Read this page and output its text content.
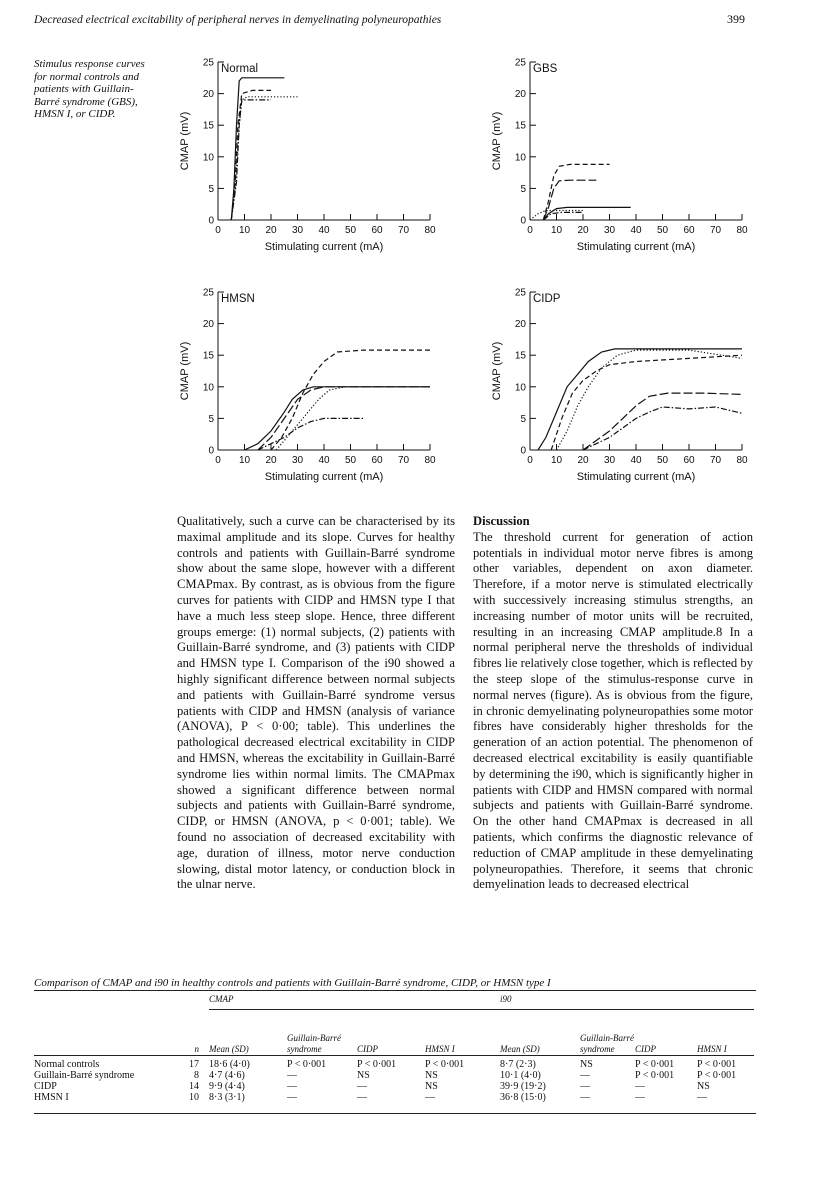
Decreased electrical excitability of peripheral nerves in demyelinating polyneuropathies	399
Stimulus response curves for normal controls and patients with Guillain-Barré syndrome (GBS), HMSN I, or CIDP.
0
5
10
15
20
25
0 10 20 30 40 50 60 70 80
Normal
Stimulating current (mA)
CMAP (mV)
0
5
10
15
20
25
0 10 20 30 40 50 60 70 80
GBS
Stimulating current (mA)
CMAP (mV)
0
5
10
15
20
25
0 10 20 30 40 50 60 70 80
HMSN
Stimulating current (mA)
CMAP (mV)
0
5
10
15
20
25
0 10 20 30 40 50 60 70 80
CIDP
Stimulating current (mA)
CMAP (mV)

Qualitatively, such a curve can be characterised by its maximal amplitude and its slope. Curves for healthy controls and patients with Guillain-Barré syndrome show about the same slope, however with a different CMAPmax. By contrast, as is obvious from the figure curves for patients with CIDP and HMSN type I that have a much less steep slope. Hence, three different groups emerge: (1) normal subjects, (2) patients with Guillain-Barré syndrome, and (3) patients with CIDP and HMSN type I. Comparison of the i90 showed a highly significant difference between normal subjects and patients with Guillain-Barré syndrome versus patients with CIDP and HMSN (analysis of variance (ANOVA), P < 0·00; table). This underlines the pathological decreased electrical excitability in CIDP and HMSN, whereas the excitability in Guillain-Barré syndrome lies within normal limits. The CMAPmax showed a significant difference between normal subjects and patients with Guillain-Barré syndrome, CIDP, or HMSN (ANOVA, p < 0·001; table). We found no association of decreased excitability with age, duration of illness, motor nerve conduction slowing, distal motor latency, or conduction block in the ulnar nerve.

Discussion

The threshold current for generation of action potentials in individual motor nerve fibres is among other variables, dependent on axon diameter. Therefore, if a motor nerve is stimulated electrically with successively increasing stimulus strengths, an increasing number of motor units will be recruited, resulting in an increasing CMAP amplitude.8 In a normal peripheral nerve the thresholds of individual fibres lie relatively close together, which is reflected by the steep slope of the stimulus-response curve in normal nerves (figure). As is obvious from the figure, in chronic demyelinating polyneuropathies some motor fibres have considerably higher thresholds for the generation of an action potential. The phenomenon of decreased electrical excitability is easily quantifiable by determining the i90, which is significantly higher in patients with CIDP and HMSN compared with normal subjects and patients with Guillain-Barré syndrome. On the other hand CMAPmax is decreased in all patients, which confirms the diagnostic relevance of reduction of CMAP amplitude in these demyelinating polyneuropathies. Therefore, it seems that chronic demyelination leads to decreased electrical

Comparison of CMAP and i90 in healthy controls and patients with Guillain-Barré syndrome, CIDP, or HMSN type I
		CMAP				i90			
	n	Mean (SD)	Guillain-Barré syndrome	CIDP	HMSN I	Mean (SD)	Guillain-Barré syndrome	CIDP	HMSN I
Normal controls	17	18·6 (4·0)	P < 0·001	P < 0·001	P < 0·001	8·7 (2·3)	NS	P < 0·001	P < 0·001
Guillain-Barré syndrome	8	4·7 (4·6)	—	NS	NS	10·1 (4·0)	—	P < 0·001	P < 0·001
CIDP	14	9·9 (4·4)	—	—	NS	39·9 (19·2)	—	—	NS
HMSN I	10	8·3 (3·1)	—	—	—	36·8 (15·0)	—	—	—
